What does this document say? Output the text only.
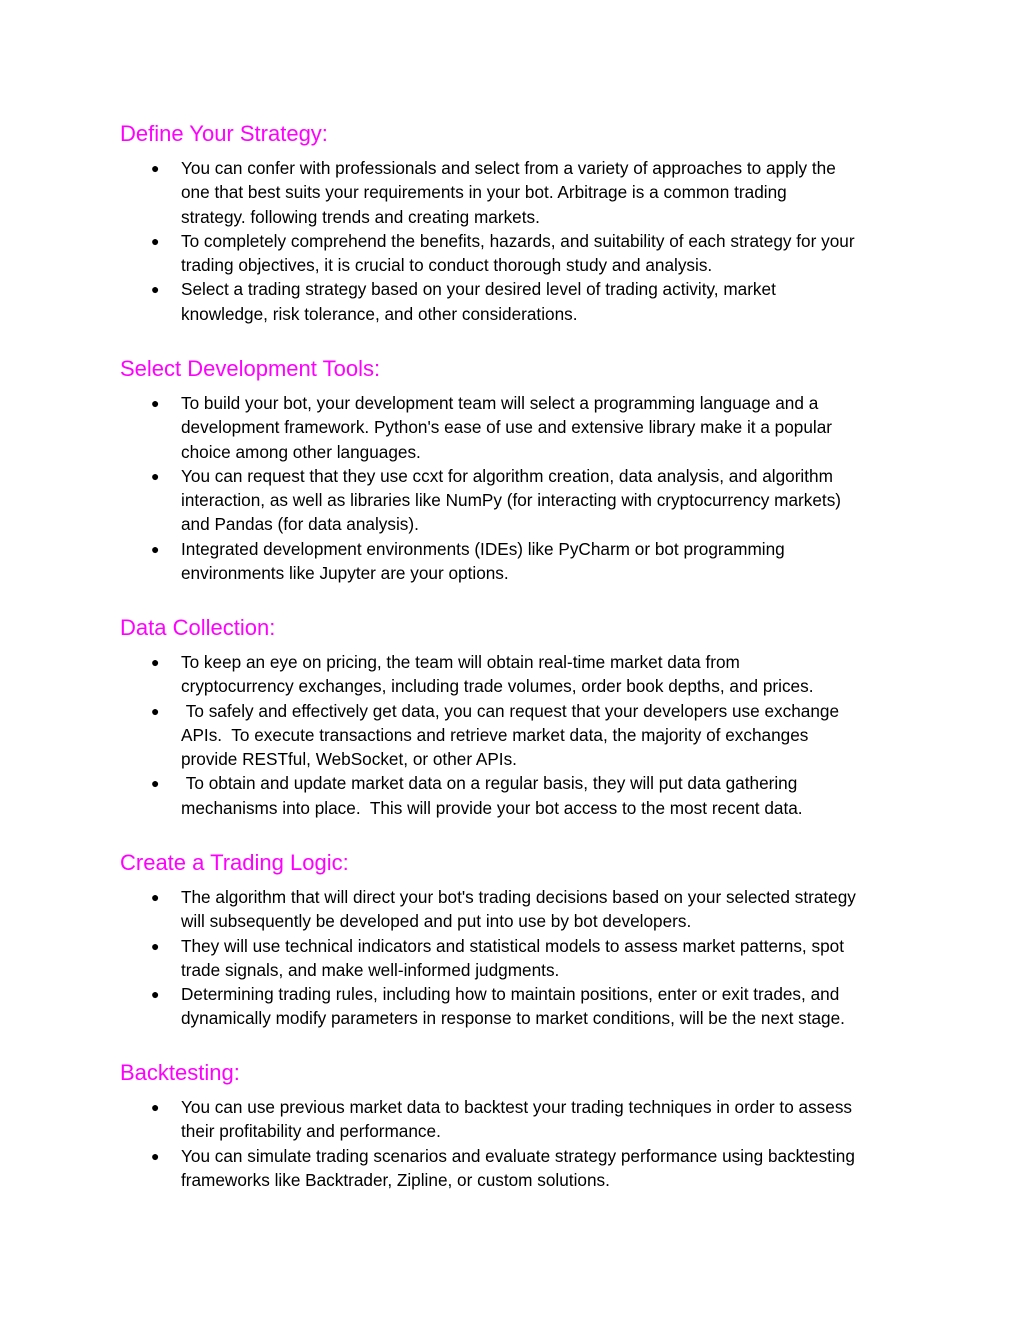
Define Your Strategy:
● You can confer with professionals and select from a variety of approaches to apply the
one that best suits your requirements in your bot. Arbitrage is a common trading
strategy. following trends and creating markets.
● To completely comprehend the benefits, hazards, and suitability of each strategy for your
trading objectives, it is crucial to conduct thorough study and analysis.
● Select a trading strategy based on your desired level of trading activity, market
knowledge, risk tolerance, and other considerations.
Select Development Tools:
● To build your bot, your development team will select a programming language and a
development framework. Python's ease of use and extensive library make it a popular
choice among other languages.
● You can request that they use ccxt for algorithm creation, data analysis, and algorithm
interaction, as well as libraries like NumPy (for interacting with cryptocurrency markets)
and Pandas (for data analysis).
● Integrated development environments (IDEs) like PyCharm or bot programming
environments like Jupyter are your options.
Data Collection:
● To keep an eye on pricing, the team will obtain real-time market data from
cryptocurrency exchanges, including trade volumes, order book depths, and prices.
● To safely and effectively get data, you can request that your developers use exchange
APIs.  To execute transactions and retrieve market data, the majority of exchanges
provide RESTful, WebSocket, or other APIs.
● To obtain and update market data on a regular basis, they will put data gathering
mechanisms into place.  This will provide your bot access to the most recent data.
Create a Trading Logic:
● The algorithm that will direct your bot's trading decisions based on your selected strategy
will subsequently be developed and put into use by bot developers.
● They will use technical indicators and statistical models to assess market patterns, spot
trade signals, and make well-informed judgments.
● Determining trading rules, including how to maintain positions, enter or exit trades, and
dynamically modify parameters in response to market conditions, will be the next stage.
Backtesting:
● You can use previous market data to backtest your trading techniques in order to assess
their profitability and performance.
● You can simulate trading scenarios and evaluate strategy performance using backtesting
frameworks like Backtrader, Zipline, or custom solutions.
